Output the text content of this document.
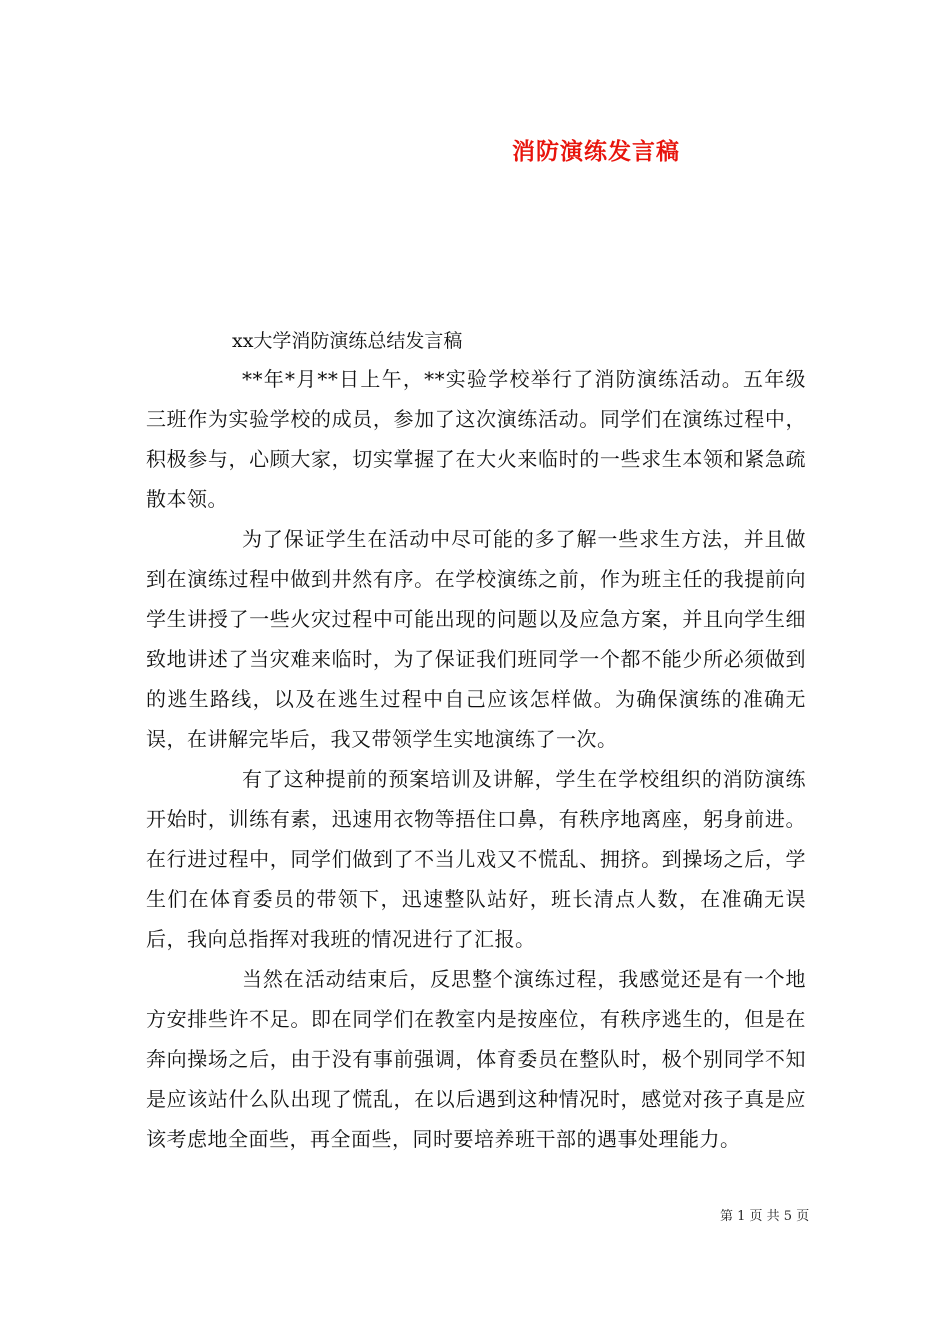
消防演练发言稿
xx大学消防演练总结发言稿

**年*月**日上午，**实验学校举行了消防演练活动。五年级三班作为实验学校的成员，参加了这次演练活动。同学们在演练过程中，积极参与，心顾大家，切实掌握了在大火来临时的一些求生本领和紧急疏散本领。

为了保证学生在活动中尽可能的多了解一些求生方法，并且做到在演练过程中做到井然有序。在学校演练之前，作为班主任的我提前向学生讲授了一些火灾过程中可能出现的问题以及应急方案，并且向学生细致地讲述了当灾难来临时，为了保证我们班同学一个都不能少所必须做到的逃生路线，以及在逃生过程中自己应该怎样做。为确保演练的准确无误，在讲解完毕后，我又带领学生实地演练了一次。

有了这种提前的预案培训及讲解，学生在学校组织的消防演练开始时，训练有素，迅速用衣物等捂住口鼻，有秩序地离座，躬身前进。在行进过程中，同学们做到了不当儿戏又不慌乱、拥挤。到操场之后，学生们在体育委员的带领下，迅速整队站好，班长清点人数，在准确无误后，我向总指挥对我班的情况进行了汇报。

当然在活动结束后，反思整个演练过程，我感觉还是有一个地方安排些许不足。即在同学们在教室内是按座位，有秩序逃生的，但是在奔向操场之后，由于没有事前强调，体育委员在整队时，极个别同学不知是应该站什么队出现了慌乱，在以后遇到这种情况时，感觉对孩子真是应该考虑地全面些，再全面些，同时要培养班干部的遇事处理能力。

第 1 页 共 5 页
